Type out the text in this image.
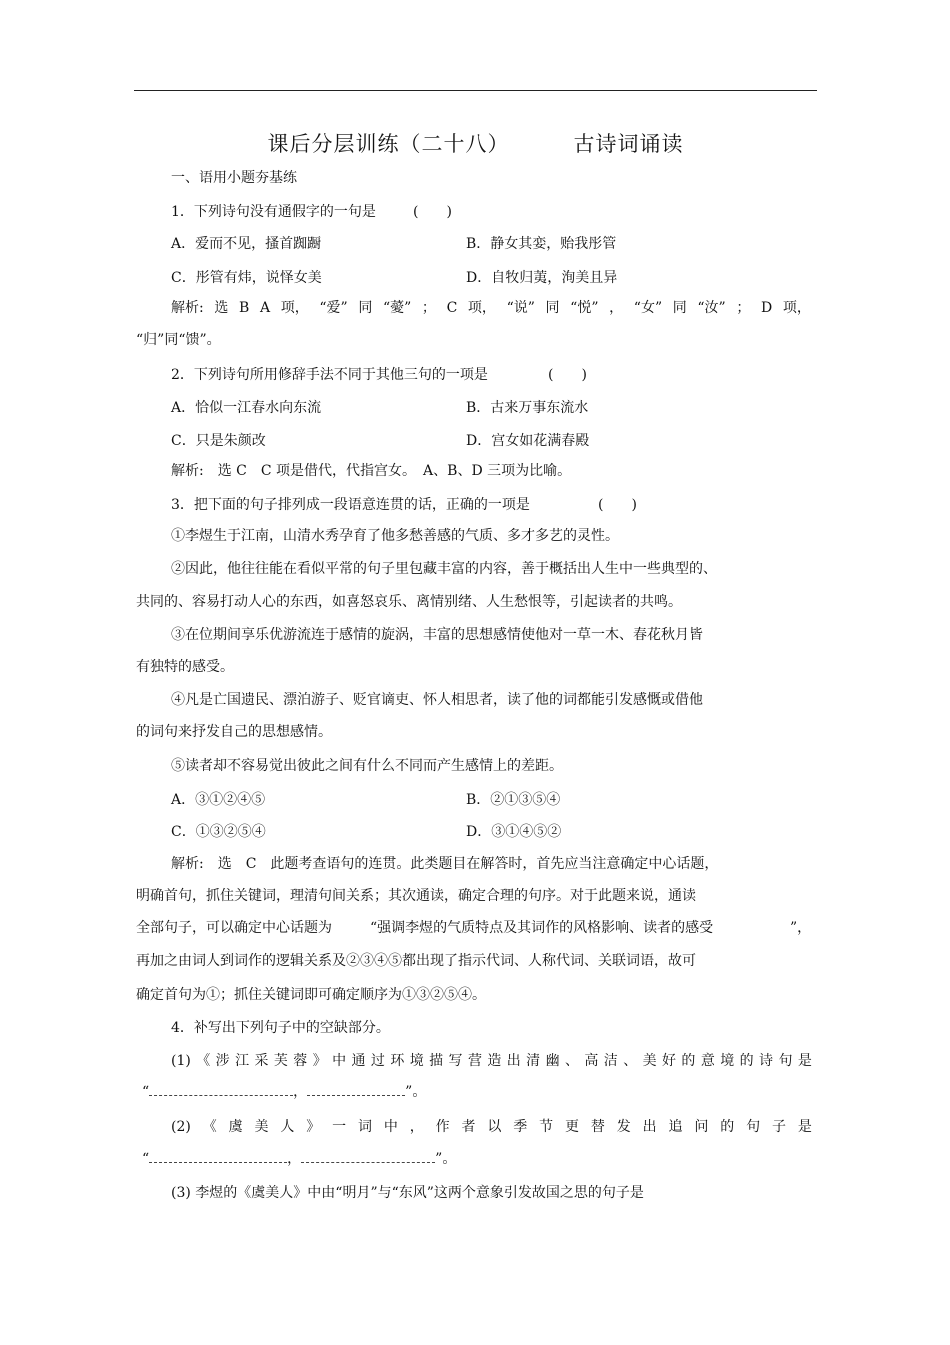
课后分层训练（二十八）	古诗词诵读
一、语用小题夯基练
1．下列诗句没有通假字的一句是	(　　)
A．爱而不见，搔首踟蹰	B．静女其娈，贻我彤管
C．彤管有炜，说怿女美	D．自牧归荑，洵美且异
解析: 选 B A 项， “爱” 同 “薆” ； C 项， “说” 同 “悦” ， “女” 同 “汝” ； D 项，
“归”同“馈”。
2．下列诗句所用修辞手法不同于其他三句的一项是	(　　)
A．恰似一江春水向东流	B．古来万事东流水
C．只是朱颜改	D．宫女如花满春殿
解析:　选 C　C 项是借代，代指宫女。　A、B、D 三项为比喻。
3．把下面的句子排列成一段语意连贯的话，正确的一项是	(　　)
①李煜生于江南，山清水秀孕育了他多愁善感的气质、多才多艺的灵性。
②因此，他往往能在看似平常的句子里包藏丰富的内容，善于概括出人生中一些典型的、
共同的、容易打动人心的东西，如喜怒哀乐、离情别绪、人生愁恨等，引起读者的共鸣。
③在位期间享乐优游流连于感情的旋涡，丰富的思想感情使他对一草一木、春花秋月皆
有独特的感受。
④凡是亡国遗民、漂泊游子、贬官谪吏、怀人相思者，读了他的词都能引发感慨或借他
的词句来抒发自己的思想感情。
⑤读者却不容易觉出彼此之间有什么不同而产生感情上的差距。
A．③①②④⑤	B．②①③⑤④
C．①③②⑤④	D．③①④⑤②
解析:　选　C　此题考查语句的连贯。此类题目在解答时，首先应当注意确定中心话题，
明确首句，抓住关键词，理清句间关系；其次通读，确定合理的句序。对于此题来说，通读
全部句子，可以确定中心话题为	“强调李煜的气质特点及其词作的风格影响、读者的感受	”，
再加之由词人到词作的逻辑关系及②③④⑤都出现了指示代词、人称代词、关联词语，故可
确定首句为①；抓住关键词即可确定顺序为①③②⑤④。
4．补写出下列句子中的空缺部分。
(1) 《 涉 江 采 芙 蓉 》 中 通 过 环 境 描 写 营 造 出 清 幽 、 高 洁 、 美 好 的 意 境 的 诗 句 是
“	，	”。
(2) 《 虞 美 人 》 一 词 中 ， 作 者 以 季 节 更 替 发 出 追 问 的 句 子 是
“	，	”。
(3) 李煜的《虞美人》中由“明月”与“东风”这两个意象引发故国之思的句子是
